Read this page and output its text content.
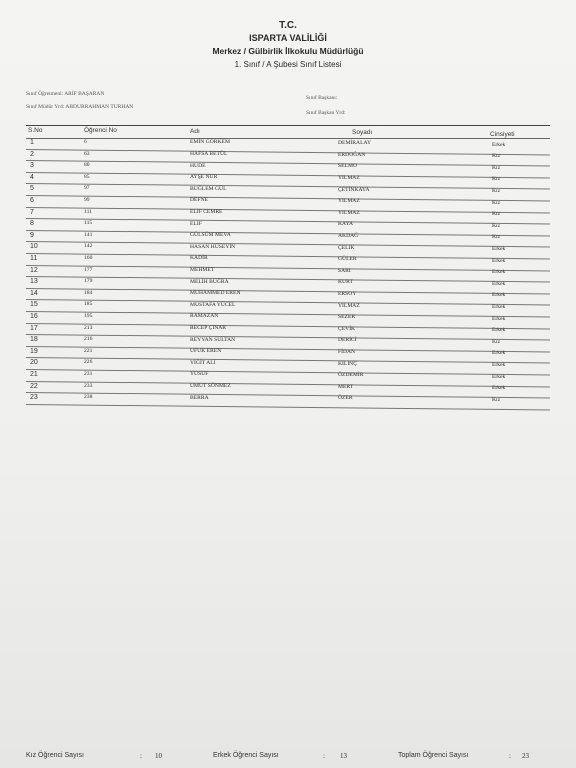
T.C.
ISPARTA VALİLİĞİ
Merkez / Gülbirlik İlkokulu Müdürlüğü
1. Sınıf / A Şubesi Sınıf Listesi
Sınıf Öğretmeni: ARİF BAŞARAN
Sınıf Müdür Yrd: ABDURRAHMAN TURHAN
Sınıf Başkanı:
Sınıf Başkan Yrd:
S.No	Öğrenci No	Adı	Soyadı	Cinsiyeti
1	6	EMİN GÖRKEM	DEMİRALAY	Erkek
2	63	HAFSA BETÜL	ERDOĞAN	Kız
3	80	HUDE	SELMO	Kız
4	85	AYŞE NUR	YILMAZ	Kız
5	97	BUĞLEM GÜL	ÇETİNKAYA	Kız
6	99	DEFNE	YILMAZ	Kız
7	111	ELİF CEMRE	YILMAZ	Kız
8	115	ELİF	KAYA	Kız
9	141	GÜLSÜM MEVA	AKDAĞ	Kız
10	142	HASAN HÜSEYİN	ÇELİK	Erkek
11	160	KADİR	GÜLER	Erkek
12	177	MEHMET	SARI	Erkek
13	179	MELİH BUĞRA	KURT	Erkek
14	184	MUHAMMED EREN	ERSOY	Erkek
15	185	MUSTAFA YÜCEL	YILMAZ	Erkek
16	195	RAMAZAN	SEZER	Erkek
17	213	RECEP ÇINAR	ÇEVİK	Erkek
18	216	REYYAN SULTAN	DERİCİ	Kız
19	221	UFUK EREN	FİDAN	Erkek
20	226	YİĞİT ALİ	KILINÇ	Erkek
21	231	YUSUF	ÖZDEMİR	Erkek
22	233	UMUT SÖNMEZ	MERT	Erkek
23	238	BERRA	ÖZER	Kız
Kız Öğrenci Sayısı	: 10	Erkek Öğrenci Sayısı	: 13	Toplam Öğrenci Sayısı	: 23
